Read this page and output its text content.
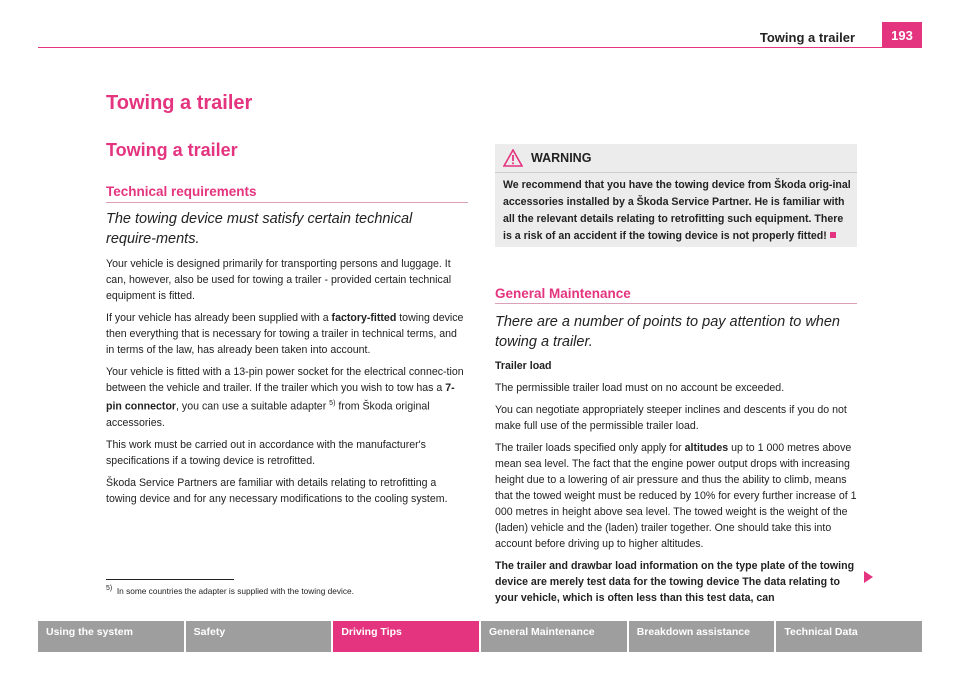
Towing a trailer	193
Towing a trailer
Towing a trailer
Technical requirements
The towing device must satisfy certain technical require-ments.

Your vehicle is designed primarily for transporting persons and luggage. It can, however, also be used for towing a trailer - provided certain technical equipment is fitted.

If your vehicle has already been supplied with a factory-fitted towing device then everything that is necessary for towing a trailer in technical terms, and in terms of the law, has already been taken into account.

Your vehicle is fitted with a 13-pin power socket for the electrical connec-tion between the vehicle and trailer. If the trailer which you wish to tow has a 7-pin connector, you can use a suitable adapter $^{5)}$ from Škoda original accessories.

This work must be carried out in accordance with the manufacturer's specifications if a towing device is retrofitted.

Škoda Service Partners are familiar with details relating to retrofitting a towing device and for any necessary modifications to the cooling system.

$^{5)}$ In some countries the adapter is supplied with the towing device.
WARNING
We recommend that you have the towing device from Škoda orig-inal accessories installed by a Škoda Service Partner. He is familiar with all the relevant details relating to retrofitting such equipment. There is a risk of an accident if the towing device is not properly fitted!
General Maintenance
There are a number of points to pay attention to when towing a trailer.

Trailer load

The permissible trailer load must on no account be exceeded.

You can negotiate appropriately steeper inclines and descents if you do not make full use of the permissible trailer load.

The trailer loads specified only apply for altitudes up to 1 000 metres above mean sea level. The fact that the engine power output drops with increasing height due to a lowering of air pressure and thus the ability to climb, means that the towed weight must be reduced by 10% for every further increase of 1 000 metres in height above sea level. The towed weight is the weight of the (laden) vehicle and the (laden) trailer together. One should take this into account before driving up to higher altitudes.

The trailer and drawbar load information on the type plate of the towing device are merely test data for the towing device The data relating to your vehicle, which is often less than this test data, can

Using the system	Safety	Driving Tips	General Maintenance	Breakdown assistance	Technical Data
